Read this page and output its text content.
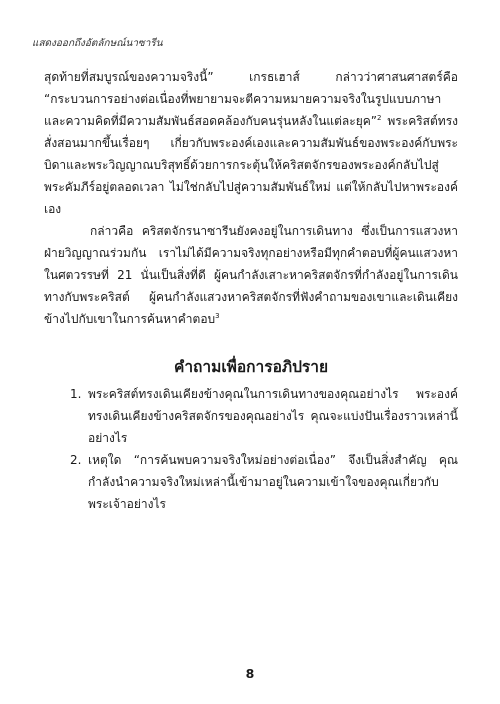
แสดงออกถึงอัตลักษณ์นาซารีน

สุดท้ายที่สมบูรณ์ของความจริงนี้” เกรธเฮาส์ กล่าวว่าศาสนศาสตร์คือ “กระบวนการอย่างต่อเนื่องที่พยายามจะตีความหมายความจริงในรูปแบบภาษาและความคิดที่มีความสัมพันธ์สอดคล้องกับคนรุ่นหลังในแต่ละยุค”$^2$ พระคริสต์ทรงสั่งสอนมากขึ้นเรื่อยๆ เกี่ยวกับพระองค์เองและความสัมพันธ์ของพระองค์กับพระบิดาและพระวิญญาณบริสุทธิ์ด้วยการกระตุ้นให้คริสตจักรของพระองค์กลับไปสู่พระคัมภีร์อยู่ตลอดเวลา ไม่ใช่กลับไปสู่ความสัมพันธ์ใหม่ แต่ให้กลับไปหาพระองค์เอง

กล่าวคือ คริสตจักรนาซารีนยังคงอยู่ในการเดินทาง ซึ่งเป็นการแสวงหาฝ่ายวิญญาณร่วมกัน เราไม่ได้มีความจริงทุกอย่างหรือมีทุกคำตอบที่ผู้คนแสวงหาในศตวรรษที่ 21 นั่นเป็นสิ่งที่ดี ผู้คนกำลังเสาะหาคริสตจักรที่กำลังอยู่ในการเดินทางกับพระคริสต์ ผู้คนกำลังแสวงหาคริสตจักรที่ฟังคำถามของเขาและเดินเคียงข้างไปกับเขาในการค้นหาคำตอบ$^3$

คำถามเพื่อการอภิปราย
1. พระคริสต์ทรงเดินเคียงข้างคุณในการเดินทางของคุณอย่างไร พระองค์ทรงเดินเคียงข้างคริสตจักรของคุณอย่างไร คุณจะแบ่งปันเรื่องราวเหล่านี้อย่างไร
2. เหตุใด “การค้นพบความจริงใหม่อย่างต่อเนื่อง” จึงเป็นสิ่งสำคัญ คุณกำลังนำความจริงใหม่เหล่านี้เข้ามาอยู่ในความเข้าใจของคุณเกี่ยวกับพระเจ้าอย่างไร
8
